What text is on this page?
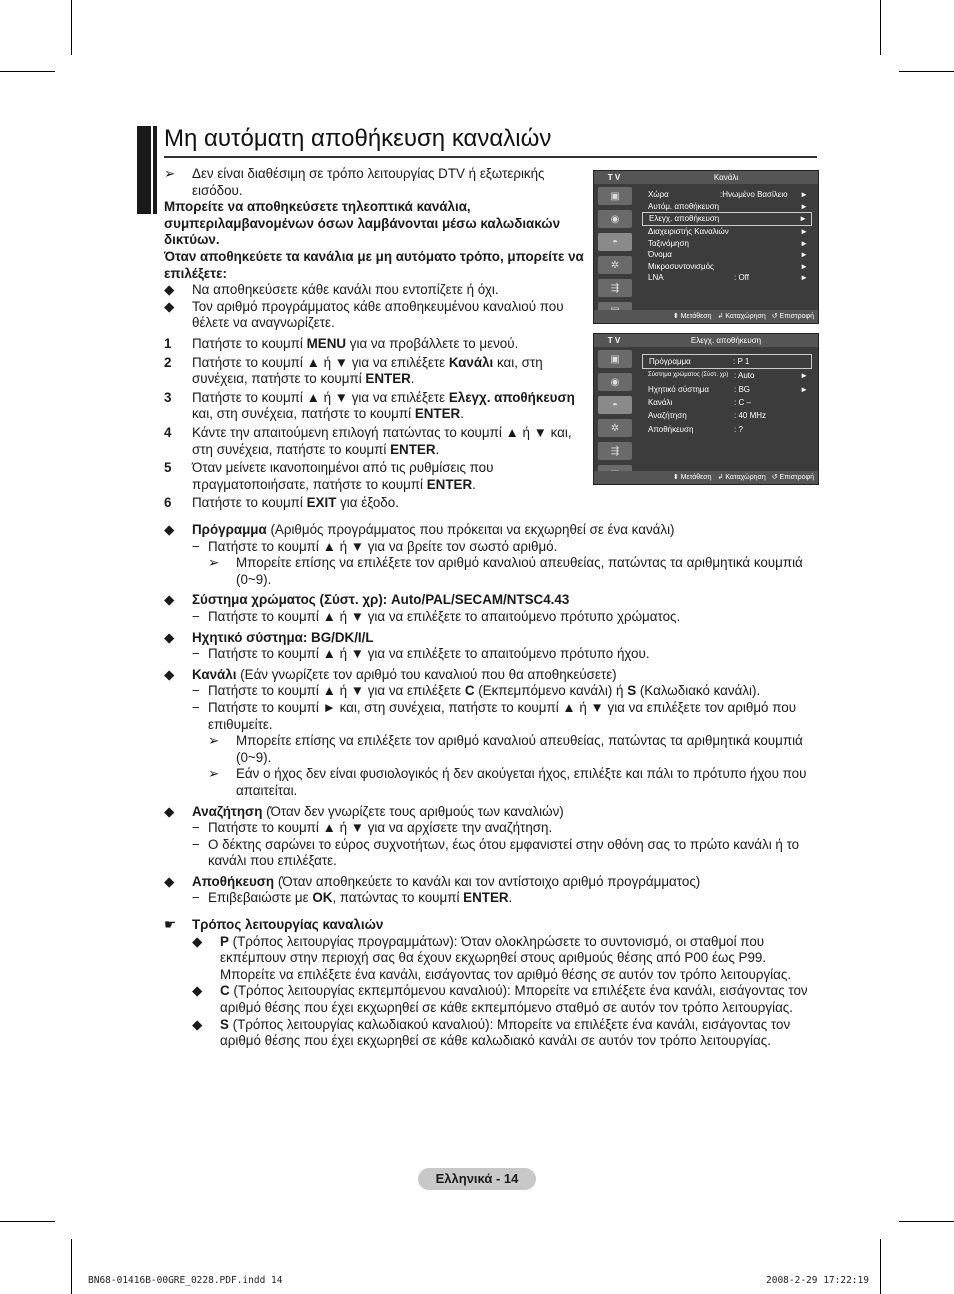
Μη αυτόματη αποθήκευση καναλιών
➢ Δεν είναι διαθέσιμη σε τρόπο λειτουργίας DTV ή εξωτερικής εισόδου.
Μπορείτε να αποθηκεύσετε τηλεοπτικά κανάλια, συμπεριλαμβανομένων όσων λαμβάνονται μέσω καλωδιακών δικτύων.
Όταν αποθηκεύετε τα κανάλια με μη αυτόματο τρόπο, μπορείτε να επιλέξετε:
◆ Να αποθηκεύσετε κάθε κανάλι που εντοπίζετε ή όχι.
◆ Τον αριθμό προγράμματος κάθε αποθηκευμένου καναλιού που θέλετε να αναγνωρίζετε.
1 Πατήστε το κουμπί MENU για να προβάλλετε το μενού.
2 Πατήστε το κουμπί ▲ ή ▼ για να επιλέξετε Κανάλι και, στη συνέχεια, πατήστε το κουμπί ENTER.
3 Πατήστε το κουμπί ▲ ή ▼ για να επιλέξετε Ελεγχ. αποθήκευση και, στη συνέχεια, πατήστε το κουμπί ENTER.
4 Κάντε την απαιτούμενη επιλογή πατώντας το κουμπί ▲ ή ▼ και, στη συνέχεια, πατήστε το κουμπί ENTER.
5 Όταν μείνετε ικανοποιημένοι από τις ρυθμίσεις που πραγματοποιήσατε, πατήστε το κουμπί ENTER.
6 Πατήστε το κουμπί EXIT για έξοδο.
T V	Κανάλι
▣
◉
◓
✲
⇶
Χώρα	:Ηνωμένο Βασίλειο	►
Αυτόμ. αποθήκευση	►
Ελεγχ. αποθήκευση	►
Διαχειριστής Καναλιών	►
Ταξινόμηση	►
Όνομα	►
Μικροσυντονισμός	►
LNA	: Off	►
⬍ Μετάθεση ↲ Καταχώρηση ↺ Επιστροφή
T V	Ελεγχ. αποθήκευση
▣
◉
◓
✲
⇶
Πρόγραμμα	: P 1
Σύστημα χρώματος (Σύστ. χρ) : Auto	►
Ηχητικό σύστημα	: BG	►
Κανάλι	: C –
Αναζήτηση	: 40 MHz
Αποθήκευση	: ?
⬍ Μετάθεση ↲ Καταχώρηση ↺ Επιστροφή
◆ Πρόγραμμα (Αριθμός προγράμματος που πρόκειται να εκχωρηθεί σε ένα κανάλι)
− Πατήστε το κουμπί ▲ ή ▼ για να βρείτε τον σωστό αριθμό.
➢ Μπορείτε επίσης να επιλέξετε τον αριθμό καναλιού απευθείας, πατώντας τα αριθμητικά κουμπιά (0~9).
◆ Σύστημα χρώματος (Σύστ. χρ): Auto/PAL/SECAM/NTSC4.43
− Πατήστε το κουμπί ▲ ή ▼ για να επιλέξετε το απαιτούμενο πρότυπο χρώματος.
◆ Ηχητικό σύστημα: BG/DK/I/L
− Πατήστε το κουμπί ▲ ή ▼ για να επιλέξετε το απαιτούμενο πρότυπο ήχου.
◆ Κανάλι (Εάν γνωρίζετε τον αριθμό του καναλιού που θα αποθηκεύσετε)
− Πατήστε το κουμπί ▲ ή ▼ για να επιλέξετε C (Εκπεμπόμενο κανάλι) ή S (Καλωδιακό κανάλι).
− Πατήστε το κουμπί ► και, στη συνέχεια, πατήστε το κουμπί ▲ ή ▼ για να επιλέξετε τον αριθμό που επιθυμείτε.
➢ Μπορείτε επίσης να επιλέξετε τον αριθμό καναλιού απευθείας, πατώντας τα αριθμητικά κουμπιά (0~9).
➢ Εάν ο ήχος δεν είναι φυσιολογικός ή δεν ακούγεται ήχος, επιλέξτε και πάλι το πρότυπο ήχου που απαιτείται.
◆ Αναζήτηση (Όταν δεν γνωρίζετε τους αριθμούς των καναλιών)
− Πατήστε το κουμπί ▲ ή ▼ για να αρχίσετε την αναζήτηση.
− Ο δέκτης σαρώνει το εύρος συχνοτήτων, έως ότου εμφανιστεί στην οθόνη σας το πρώτο κανάλι ή το κανάλι που επιλέξατε.
◆ Αποθήκευση (Όταν αποθηκεύετε το κανάλι και τον αντίστοιχο αριθμό προγράμματος)
− Επιβεβαιώστε με OK, πατώντας το κουμπί ENTER.
☛ Τρόπος λειτουργίας καναλιών
◆ P (Τρόπος λειτουργίας προγραμμάτων): Όταν ολοκληρώσετε το συντονισμό, οι σταθμοί που εκπέμπουν στην περιοχή σας θα έχουν εκχωρηθεί στους αριθμούς θέσης από P00 έως P99. Μπορείτε να επιλέξετε ένα κανάλι, εισάγοντας τον αριθμό θέσης σε αυτόν τον τρόπο λειτουργίας.
◆ C (Τρόπος λειτουργίας εκπεμπόμενου καναλιού): Μπορείτε να επιλέξετε ένα κανάλι, εισάγοντας τον αριθμό θέσης που έχει εκχωρηθεί σε κάθε εκπεμπόμενο σταθμό σε αυτόν τον τρόπο λειτουργίας.
◆ S (Τρόπος λειτουργίας καλωδιακού καναλιού): Μπορείτε να επιλέξετε ένα κανάλι, εισάγοντας τον αριθμό θέσης που έχει εκχωρηθεί σε κάθε καλωδιακό κανάλι σε αυτόν τον τρόπο λειτουργίας.
Ελληνικά - 14
BN68-01416B-00GRE_0228.PDF.indd 14	2008-2-29 17:22:19
